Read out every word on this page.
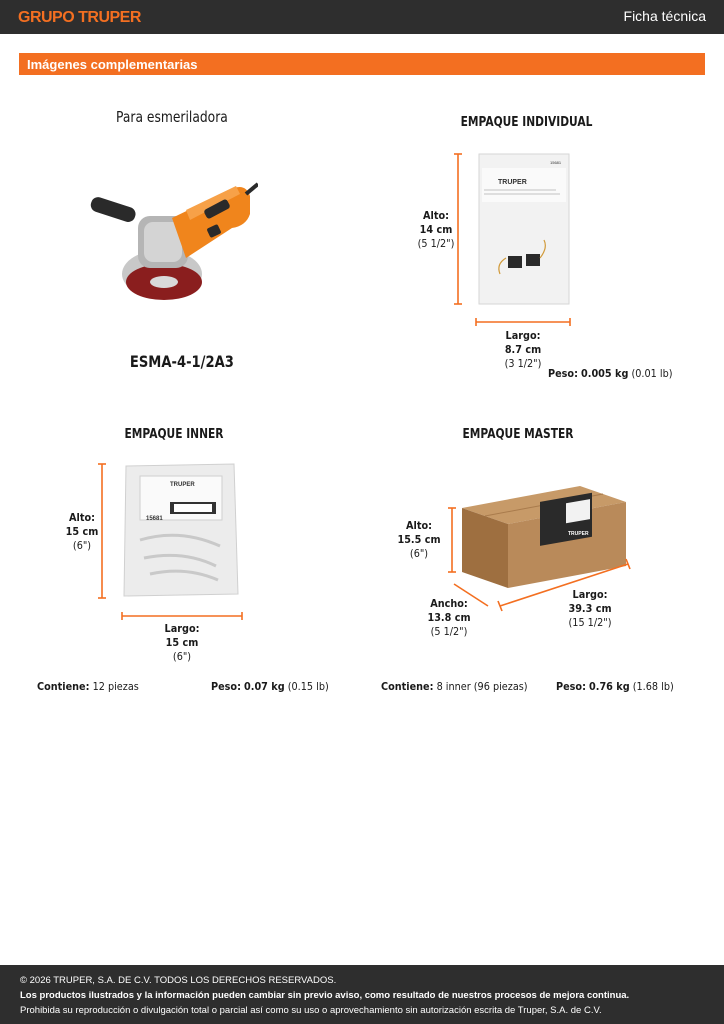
GRUPO TRUPER	Ficha técnica
Imágenes complementarias
Para esmeriladora
ESMA-4-1/2A3
EMPAQUE INDIVIDUAL
TRUPER
15681
Alto:
14 cm
(5 1/2")
Largo:
8.7 cm
(3 1/2")
Peso: 0.005 kg (0.01 lb)
EMPAQUE INNER
TRUPER
15681
Alto:
15 cm
(6")
Largo:
15 cm
(6")
Contiene: 12 piezas	Peso: 0.07 kg (0.15 lb)
EMPAQUE MASTER
TRUPER
Alto:
15.5 cm
(6")
Ancho:
13.8 cm
(5 1/2")
Largo:
39.3 cm
(15 1/2")
Contiene: 8 inner (96 piezas)	Peso: 0.76 kg (1.68 lb)
© 2026 TRUPER, S.A. DE C.V. TODOS LOS DERECHOS RESERVADOS.
Los productos ilustrados y la información pueden cambiar sin previo aviso, como resultado de nuestros procesos de mejora continua.
Prohibida su reproducción o divulgación total o parcial así como su uso o aprovechamiento sin autorización escrita de Truper, S.A. de C.V.
